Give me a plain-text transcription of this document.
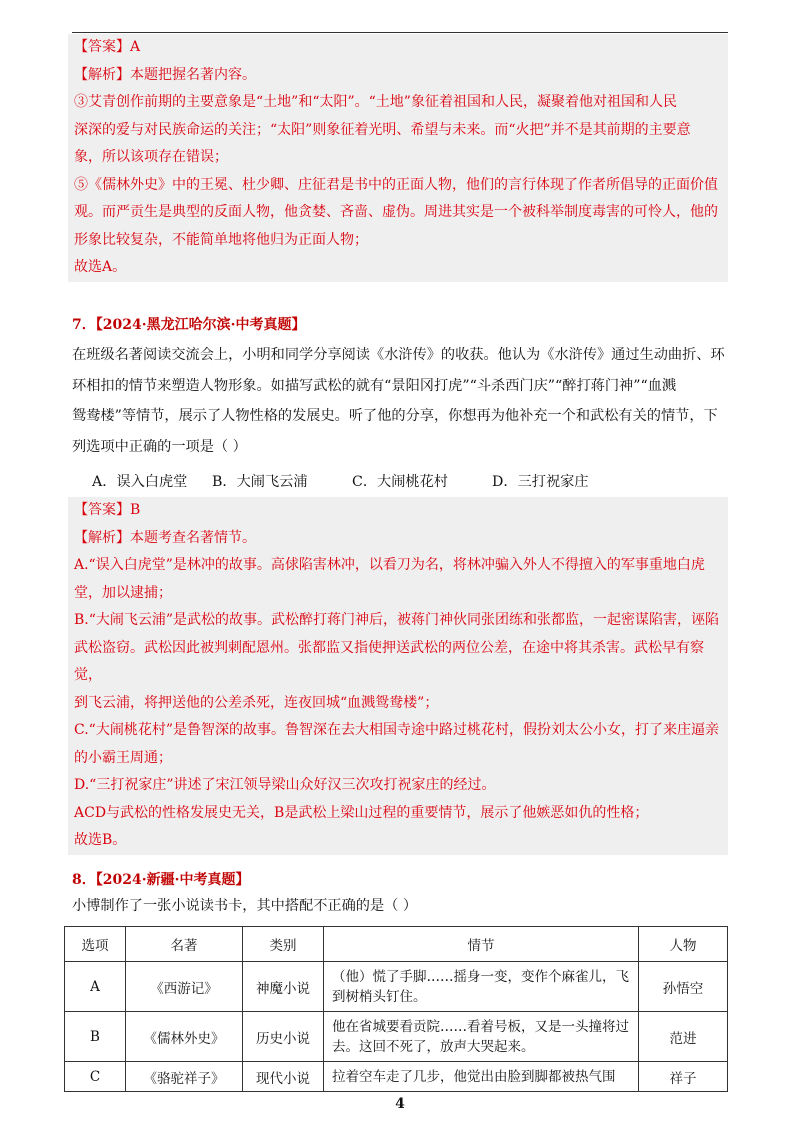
【答案】A

【解析】本题把握名著内容。

③艾青创作前期的主要意象是“土地”和“太阳”。“土地”象征着祖国和人民，凝聚着他对祖国和人民

深深的爱与对民族命运的关注；“太阳”则象征着光明、希望与未来。而“火把”并不是其前期的主要意

象，所以该项存在错误；

⑤《儒林外史》中的王冕、杜少卿、庄征君是书中的正面人物，他们的言行体现了作者所倡导的正面价值

观。而严贡生是典型的反面人物，他贪婪、吝啬、虚伪。周进其实是一个被科举制度毒害的可怜人，他的

形象比较复杂，不能简单地将他归为正面人物；

故选A。

7．【2024·黑龙江哈尔滨·中考真题】
在班级名著阅读交流会上，小明和同学分享阅读《水浒传》的收获。他认为《水浒传》通过生动曲折、环
环相扣的情节来塑造人物形象。如描写武松的就有“景阳冈打虎”“斗杀西门庆”“醉打蒋门神”“血溅
鸳鸯楼”等情节，展示了人物性格的发展史。听了他的分享，你想再为他补充一个和武松有关的情节，下
列选项中正确的一项是（ ）
A．误入白虎堂	B．大闹飞云浦	C．大闹桃花村	D．三打祝家庄

【答案】B

【解析】本题考查名著情节。

A.“误入白虎堂”是林冲的故事。高俅陷害林冲，以看刀为名，将林冲骗入外人不得擅入的军事重地白虎

堂，加以逮捕；

B.“大闹飞云浦”是武松的故事。武松醉打蒋门神后，被蒋门神伙同张团练和张都监，一起密谋陷害，诬陷

武松盗窃。武松因此被判刺配恩州。张都监又指使押送武松的两位公差，在途中将其杀害。武松早有察觉，

到飞云浦，将押送他的公差杀死，连夜回城“血溅鸳鸯楼”；

C.“大闹桃花村”是鲁智深的故事。鲁智深在去大相国寺途中路过桃花村，假扮刘太公小女，打了来庄逼亲

的小霸王周通；

D.“三打祝家庄”讲述了宋江领导梁山众好汉三次攻打祝家庄的经过。

ACD与武松的性格发展史无关，B是武松上梁山过程的重要情节，展示了他嫉恶如仇的性格；

故选B。

8．【2024·新疆·中考真题】
小博制作了一张小说读书卡，其中搭配不正确的是（ ）
选项	名著	类别	情节	人物
A	《西游记》	神魔小说	（他）慌了手脚……摇身一变，变作个麻雀儿，飞到树梢头钉住。	孙悟空
B	《儒林外史》	历史小说	他在省城要看贡院……看着号板，又是一头撞将过去。这回不死了，放声大哭起来。	范进
C	《骆驼祥子》	现代小说	拉着空车走了几步，他觉出由脸到脚都被热气围	祥子
4
